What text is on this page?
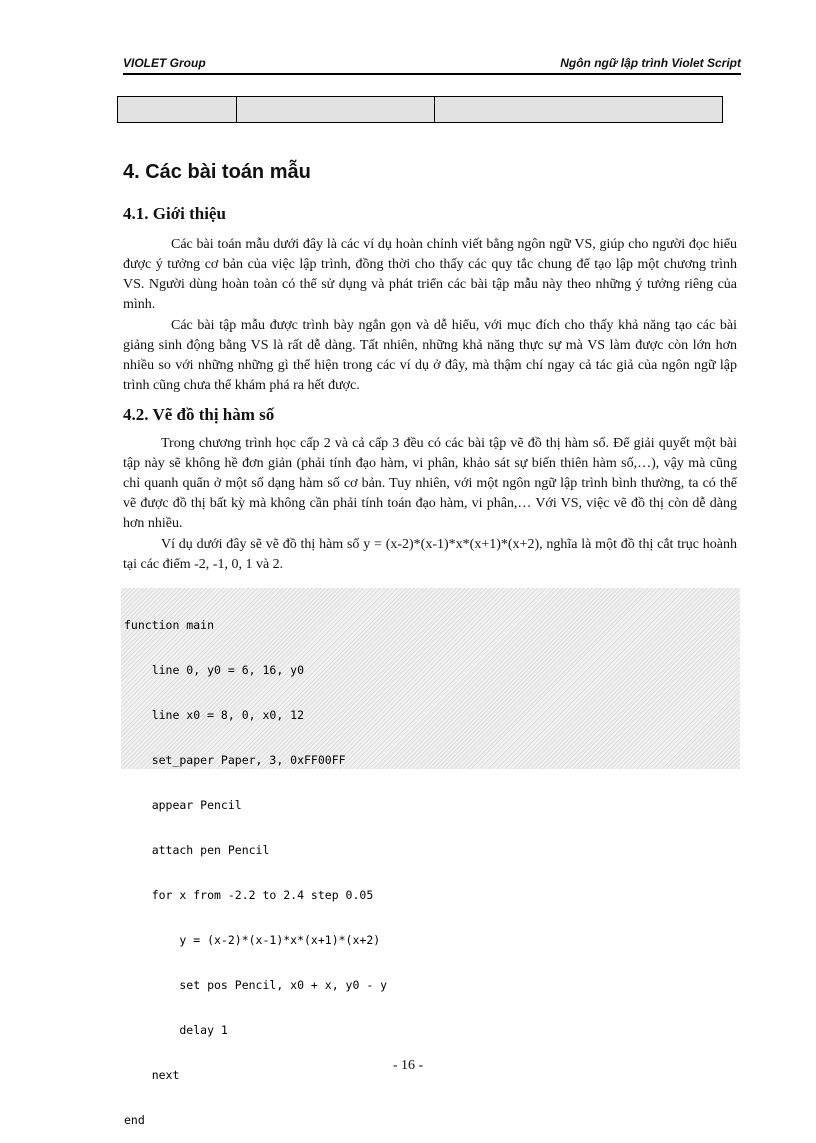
VIOLET Group	Ngôn ngữ lập trình Violet Script

4. Các bài toán mẫu
4.1. Giới thiệu

Các bài toán mẫu dưới đây là các ví dụ hoàn chỉnh viết bằng ngôn ngữ VS, giúp cho người đọc hiểu được ý tưởng cơ bản của việc lập trình, đồng thời cho thấy các quy tắc chung để tạo lập một chương trình VS. Người dùng hoàn toàn có thể sử dụng và phát triển các bài tập mẫu này theo những ý tưởng riêng của mình.

Các bài tập mẫu được trình bày ngắn gọn và dễ hiểu, với mục đích cho thấy khả năng tạo các bài giảng sinh động bằng VS là rất dễ dàng. Tất nhiên, những khả năng thực sự mà VS làm được còn lớn hơn nhiều so với những những gì thể hiện trong các ví dụ ở đây, mà thậm chí ngay cả tác giả của ngôn ngữ lập trình cũng chưa thể khám phá ra hết được.

4.2. Vẽ đồ thị hàm số

Trong chương trình học cấp 2 và cả cấp 3 đều có các bài tập vẽ đồ thị hàm số. Để giải quyết một bài tập này sẽ không hề đơn giản (phải tính đạo hàm, vi phân, khảo sát sự biến thiên hàm số,…), vậy mà cũng chỉ quanh quẩn ở một số dạng hàm số cơ bản. Tuy nhiên, với một ngôn ngữ lập trình bình thường, ta có thể vẽ được đồ thị bất kỳ mà không cần phải tính toán đạo hàm, vi phân,… Với VS, việc vẽ đồ thị còn dễ dàng hơn nhiều.

Ví dụ dưới đây sẽ vẽ đồ thị hàm số y = (x-2)*(x-1)*x*(x+1)*(x+2), nghĩa là một đồ thị cắt trục hoành tại các điểm -2, -1, 0, 1 và 2.

function main

line 0, y0 = 6, 16, y0

line x0 = 8, 0, x0, 12

set_paper Paper, 3, 0xFF00FF

appear Pencil

attach pen Pencil

for x from -2.2 to 2.4 step 0.05

y = (x-2)*(x-1)*x*(x+1)*(x+2)

set pos Pencil, x0 + x, y0 - y

delay 1

next

end

- 16 -
